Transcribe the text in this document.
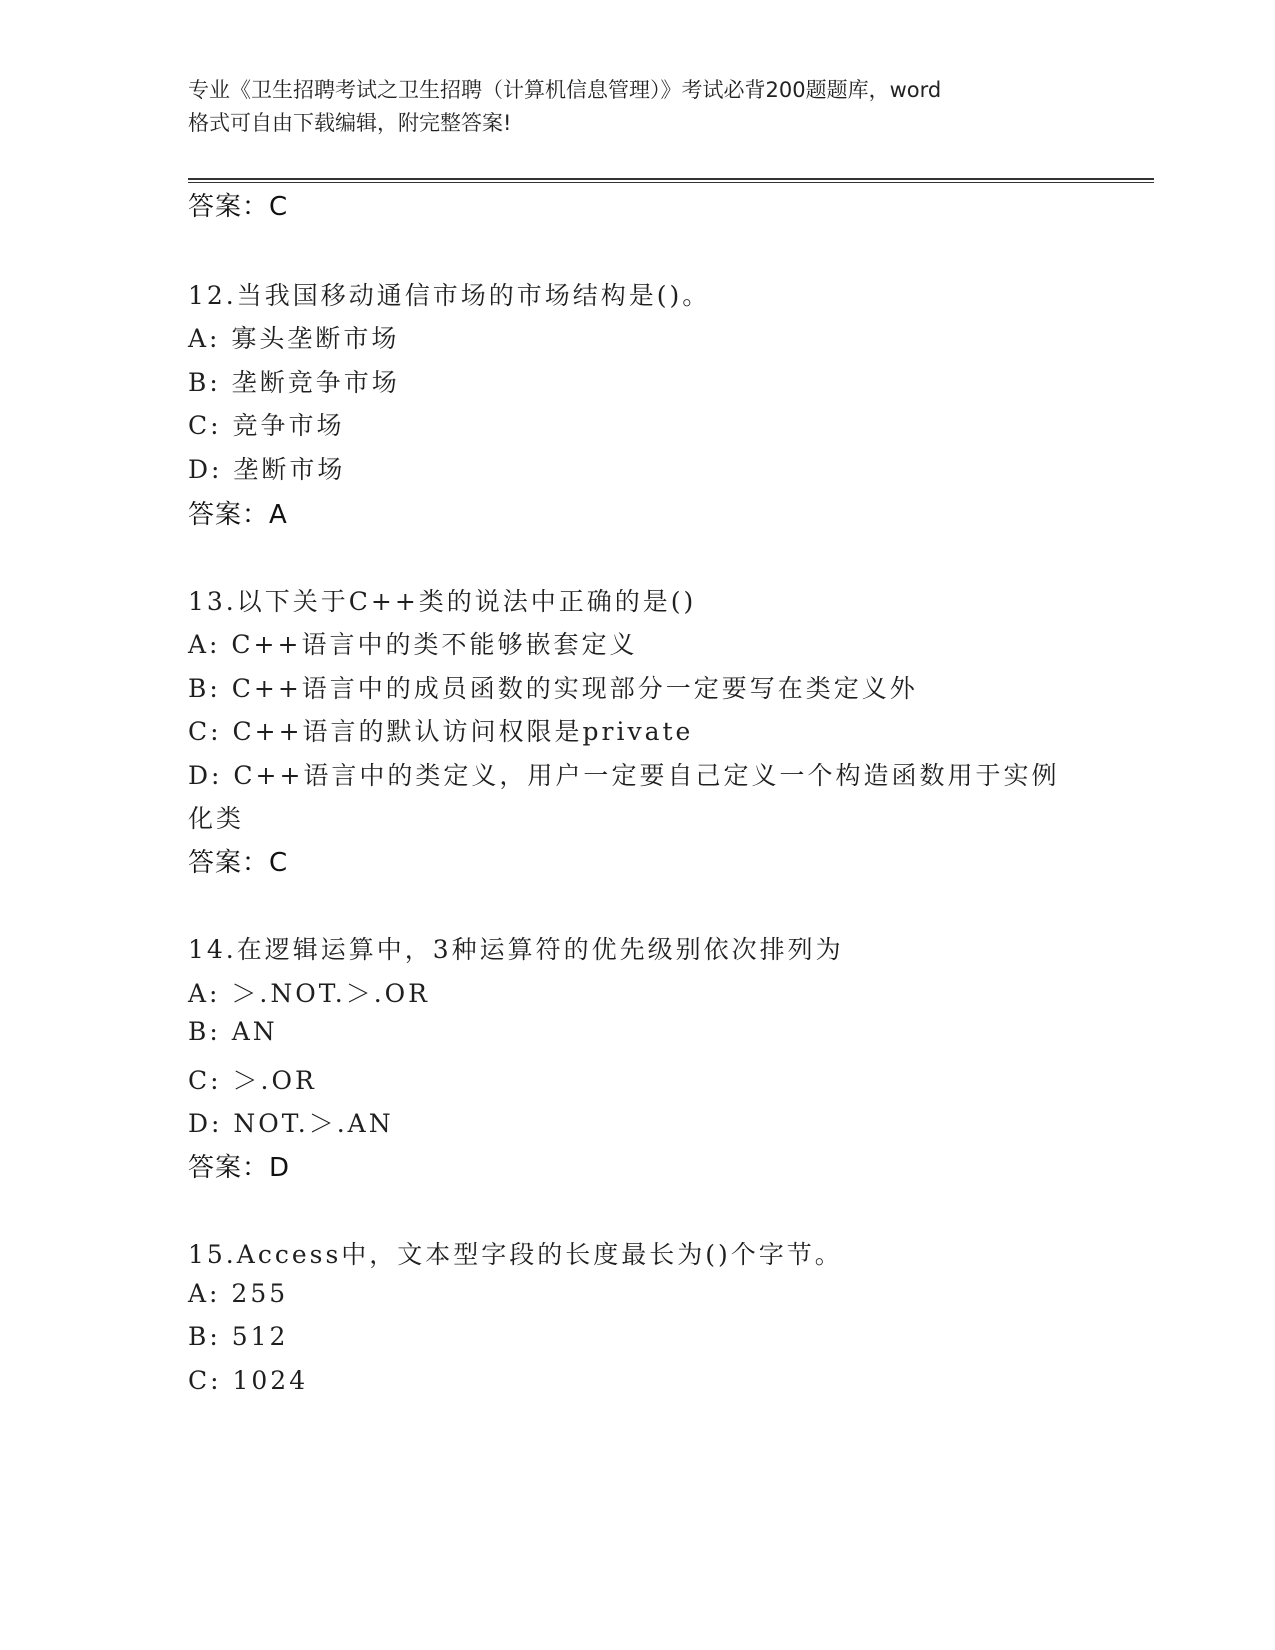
专业《卫生招聘考试之卫生招聘（计算机信息管理）》考试必背200题题库，word
格式可自由下载编辑，附完整答案!
答案：C
12.当我国移动通信市场的市场结构是()。
A: 寡头垄断市场
B: 垄断竞争市场
C: 竞争市场
D: 垄断市场
答案：A
13.以下关于C++类的说法中正确的是()
A: C++语言中的类不能够嵌套定义
B: C++语言中的成员函数的实现部分一定要写在类定义外
C: C++语言的默认访问权限是private
D: C++语言中的类定义，用户一定要自己定义一个构造函数用于实例
化类
答案：C
14.在逻辑运算中，3种运算符的优先级别依次排列为
A: ＞.NOT.＞.OR
B: AN
C: ＞.OR
D: NOT.＞.AN
答案：D
15.Access中，文本型字段的长度最长为()个字节。
A: 255
B: 512
C: 1024
